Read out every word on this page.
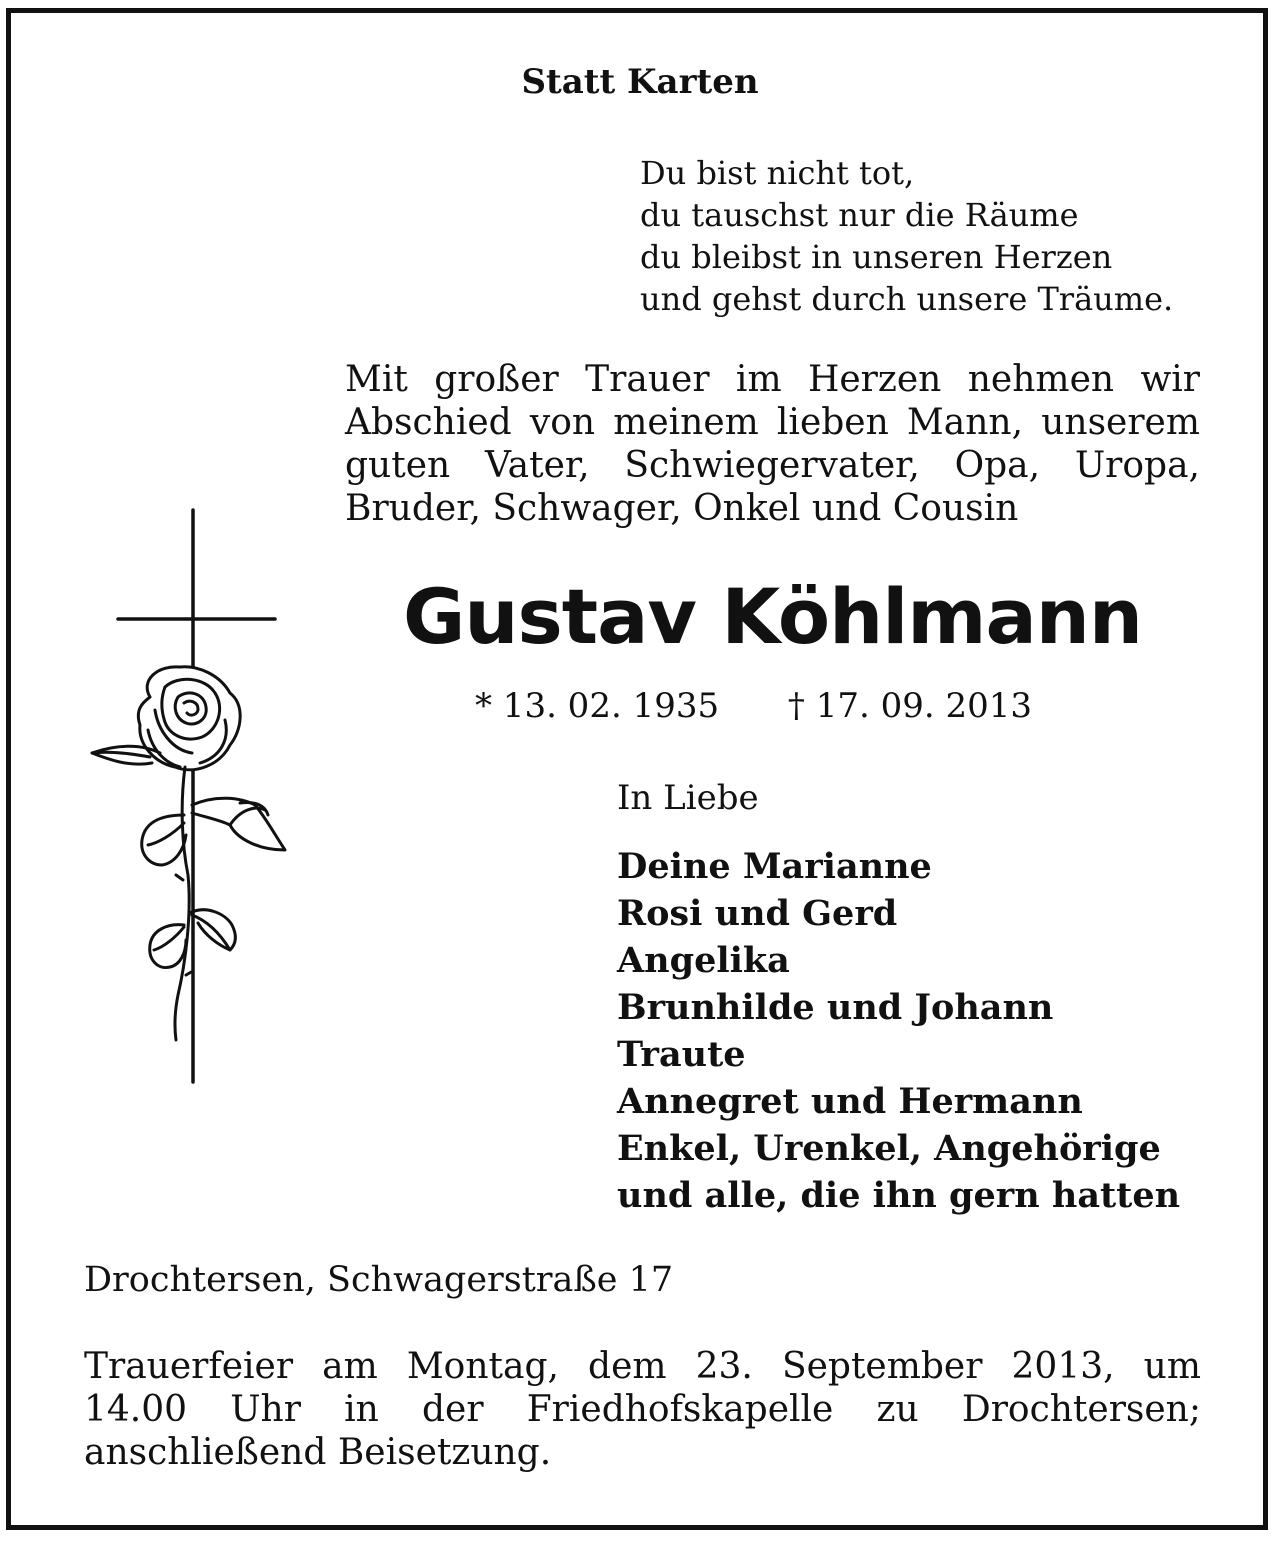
Statt Karten
Du bist nicht tot,
du tauschst nur die Räume
du bleibst in unseren Herzen
und gehst durch unsere Träume.
Mit großer Trauer im Herzen nehmen wir
Abschied von meinem lieben Mann, unserem
guten Vater, Schwiegervater, Opa, Uropa,
Bruder, Schwager, Onkel und Cousin
Gustav Köhlmann
* 13. 02. 1935 † 17. 09. 2013
In Liebe
Deine Marianne
Rosi und Gerd
Angelika
Brunhilde und Johann
Traute
Annegret und Hermann
Enkel, Urenkel, Angehörige
und alle, die ihn gern hatten
Drochtersen, Schwagerstraße 17
Trauerfeier am Montag, dem 23. September 2013, um
14.00 Uhr in der Friedhofskapelle zu Drochtersen;
anschließend Beisetzung.
